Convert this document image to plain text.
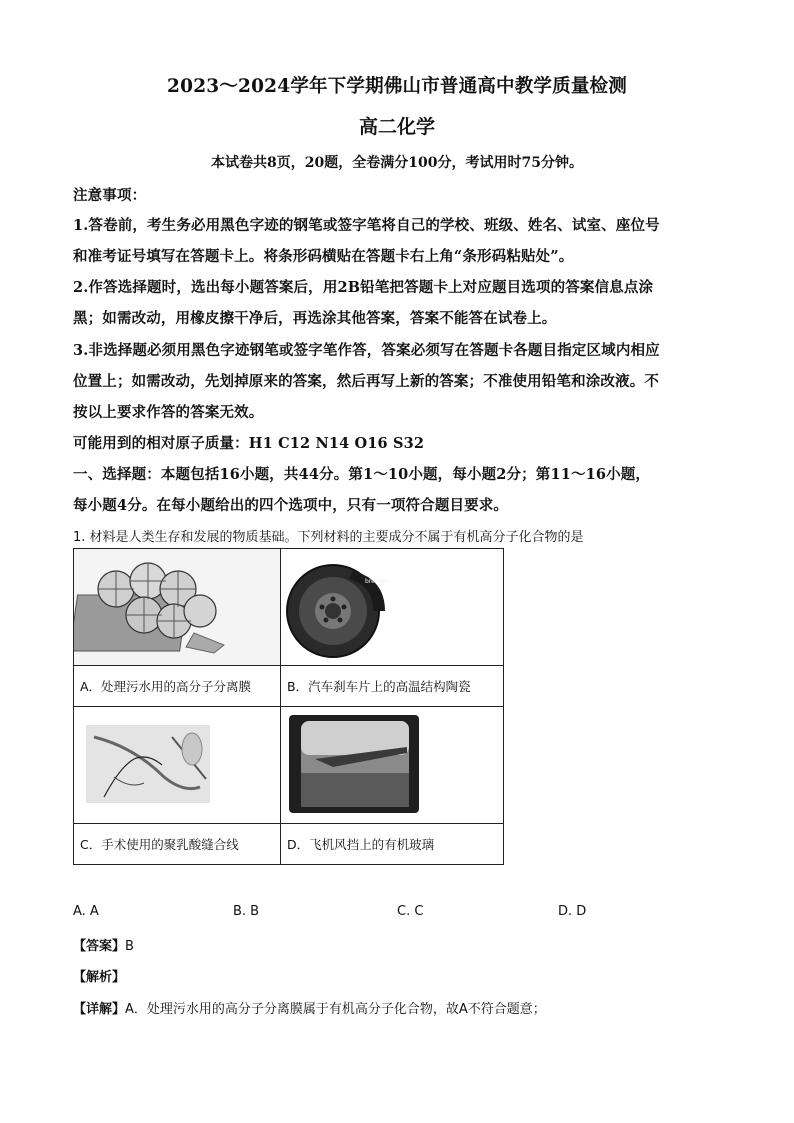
2023～2024学年下学期佛山市普通高中教学质量检测
高二化学
本试卷共8页，20题，全卷满分100分，考试用时75分钟。
注意事项：
1.答卷前，考生务必用黑色字迹的钢笔或签字笔将自己的学校、班级、姓名、试室、座位号
和准考证号填写在答题卡上。将条形码横贴在答题卡右上角“条形码粘贴处”。
2.作答选择题时，选出每小题答案后，用2B铅笔把答题卡上对应题目选项的答案信息点涂
黑；如需改动，用橡皮擦干净后，再选涂其他答案，答案不能答在试卷上。
3.非选择题必须用黑色字迹钢笔或签字笔作答，答案必须写在答题卡各题目指定区域内相应
位置上；如需改动，先划掉原来的答案，然后再写上新的答案；不准使用铅笔和涂改液。不
按以上要求作答的答案无效。
可能用到的相对原子质量：H1 C12 N14 O16 S32
一、选择题：本题包括16小题，共44分。第1～10小题，每小题2分；第11～16小题，
每小题4分。在每小题给出的四个选项中，只有一项符合题目要求。
1. 材料是人类生存和发展的物质基础。下列材料的主要成分不属于有机高分子化合物的是

brembo

A．处理污水用的高分子分离膜	B．汽车刹车片上的高温结构陶瓷

C．手术使用的聚乳酸缝合线	D．飞机风挡上的有机玻璃
A. A	B. B	C. C	D. D
【答案】B
【解析】
【详解】A．处理污水用的高分子分离膜属于有机高分子化合物，故A不符合题意；
